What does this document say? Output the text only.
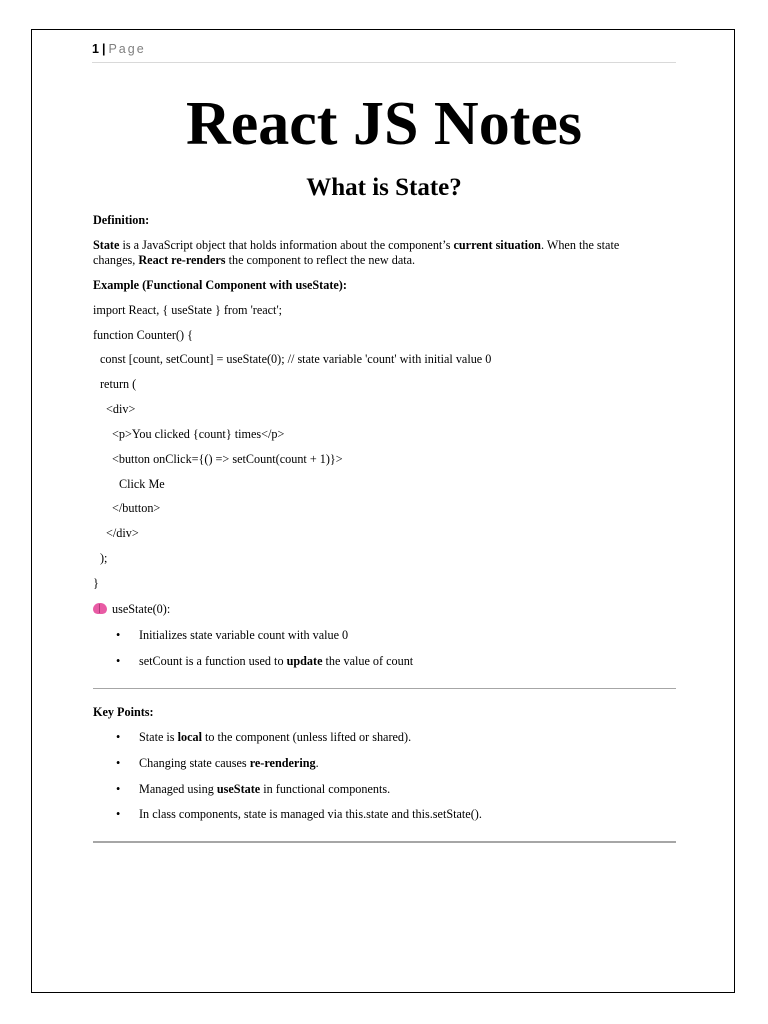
1 | Page
React JS Notes
What is State?
Definition:
State is a JavaScript object that holds information about the component’s current situation. When the state
changes, React re-renders the component to reflect the new data.
Example (Functional Component with useState):
import React, { useState } from 'react';
function Counter() {
const [count, setCount] = useState(0); // state variable 'count' with initial value 0
return (
<div>
<p>You clicked {count} times</p>
<button onClick={() => setCount(count + 1)}>
Click Me
</button>
</div>
);
}
useState(0):
• Initializes state variable count with value 0
• setCount is a function used to update the value of count
Key Points:
• State is local to the component (unless lifted or shared).
• Changing state causes re-rendering.
• Managed using useState in functional components.
• In class components, state is managed via this.state and this.setState().
